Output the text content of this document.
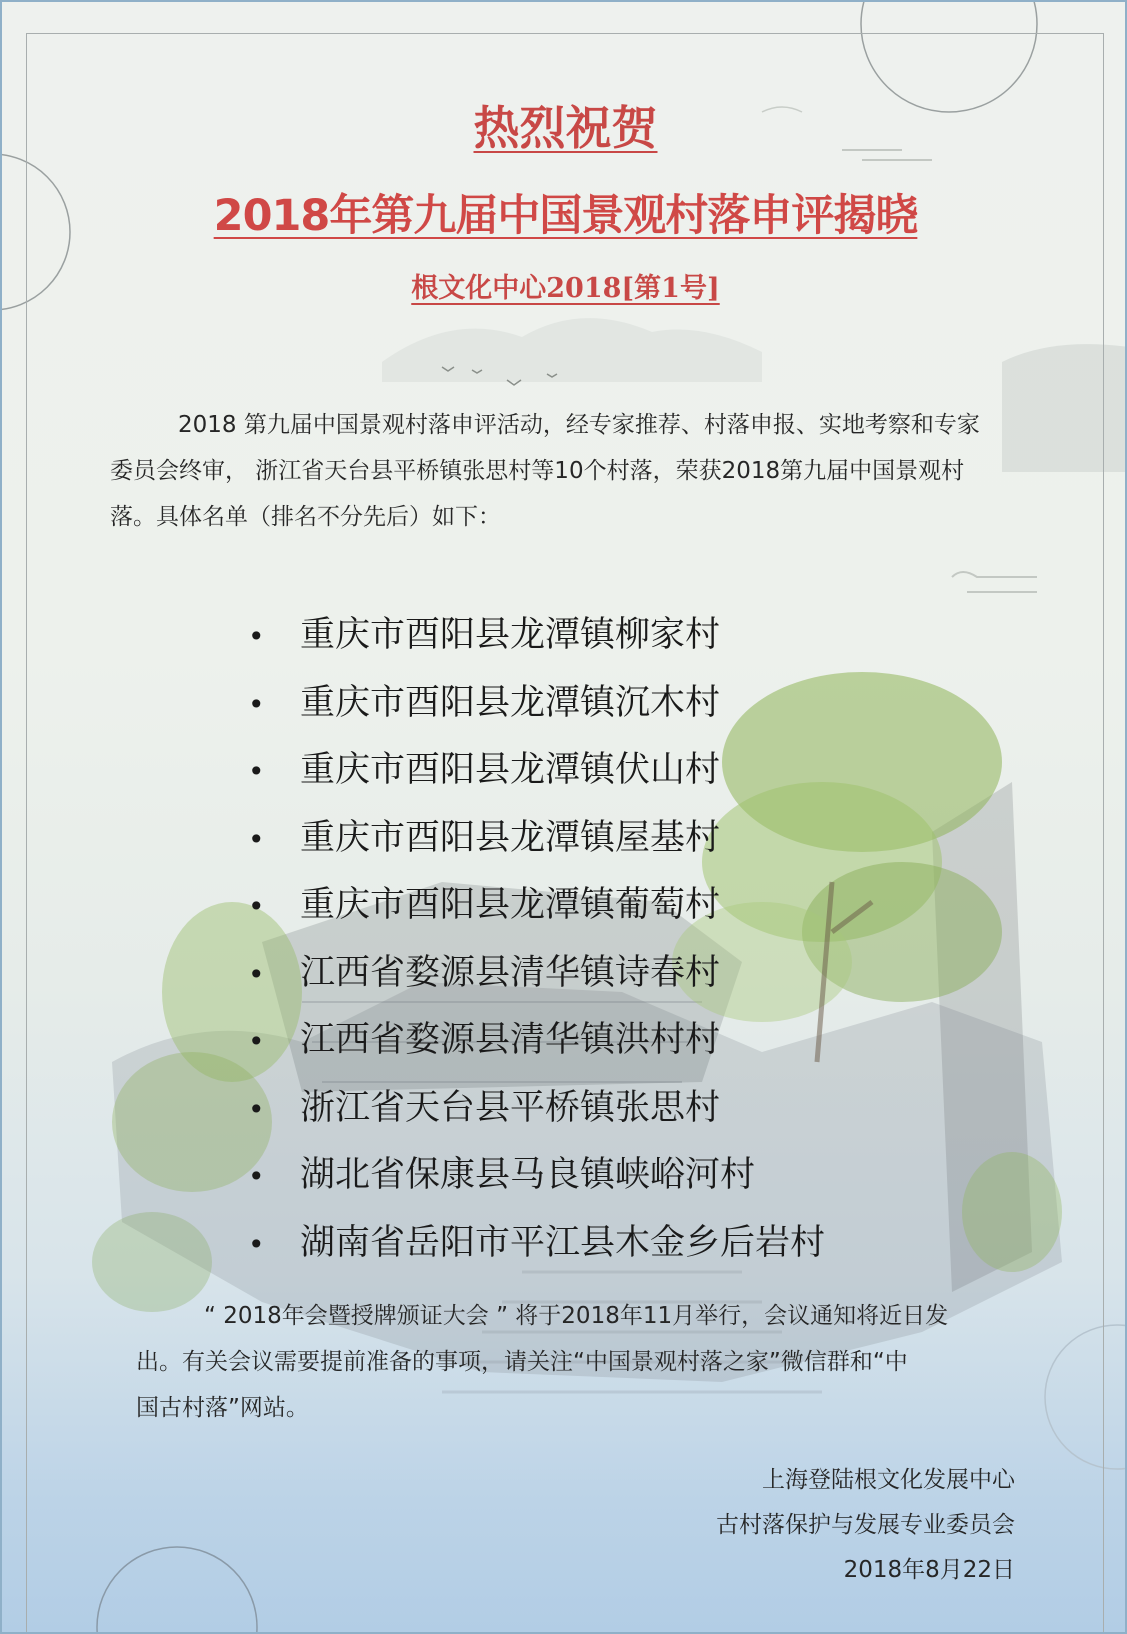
热烈祝贺
2018年第九届中国景观村落申评揭晓
根文化中心2018[第1号]
2018 第九届中国景观村落申评活动，经专家推荐、村落申报、实地考察和专家
委员会终审， 浙江省天台县平桥镇张思村等10个村落，荣获2018第九届中国景观村
落。具体名单（排名不分先后）如下：
• 重庆市酉阳县龙潭镇柳家村
• 重庆市酉阳县龙潭镇沉木村
• 重庆市酉阳县龙潭镇伏山村
• 重庆市酉阳县龙潭镇屋基村
• 重庆市酉阳县龙潭镇葡萄村
• 江西省婺源县清华镇诗春村
• 江西省婺源县清华镇洪村村
• 浙江省天台县平桥镇张思村
• 湖北省保康县马良镇峡峪河村
• 湖南省岳阳市平江县木金乡后岩村
“ 2018年会暨授牌颁证大会 ” 将于2018年11月举行，会议通知将近日发
出。有关会议需要提前准备的事项，请关注“中国景观村落之家”微信群和“中
国古村落”网站。
上海登陆根文化发展中心
古村落保护与发展专业委员会
2018年8月22日
